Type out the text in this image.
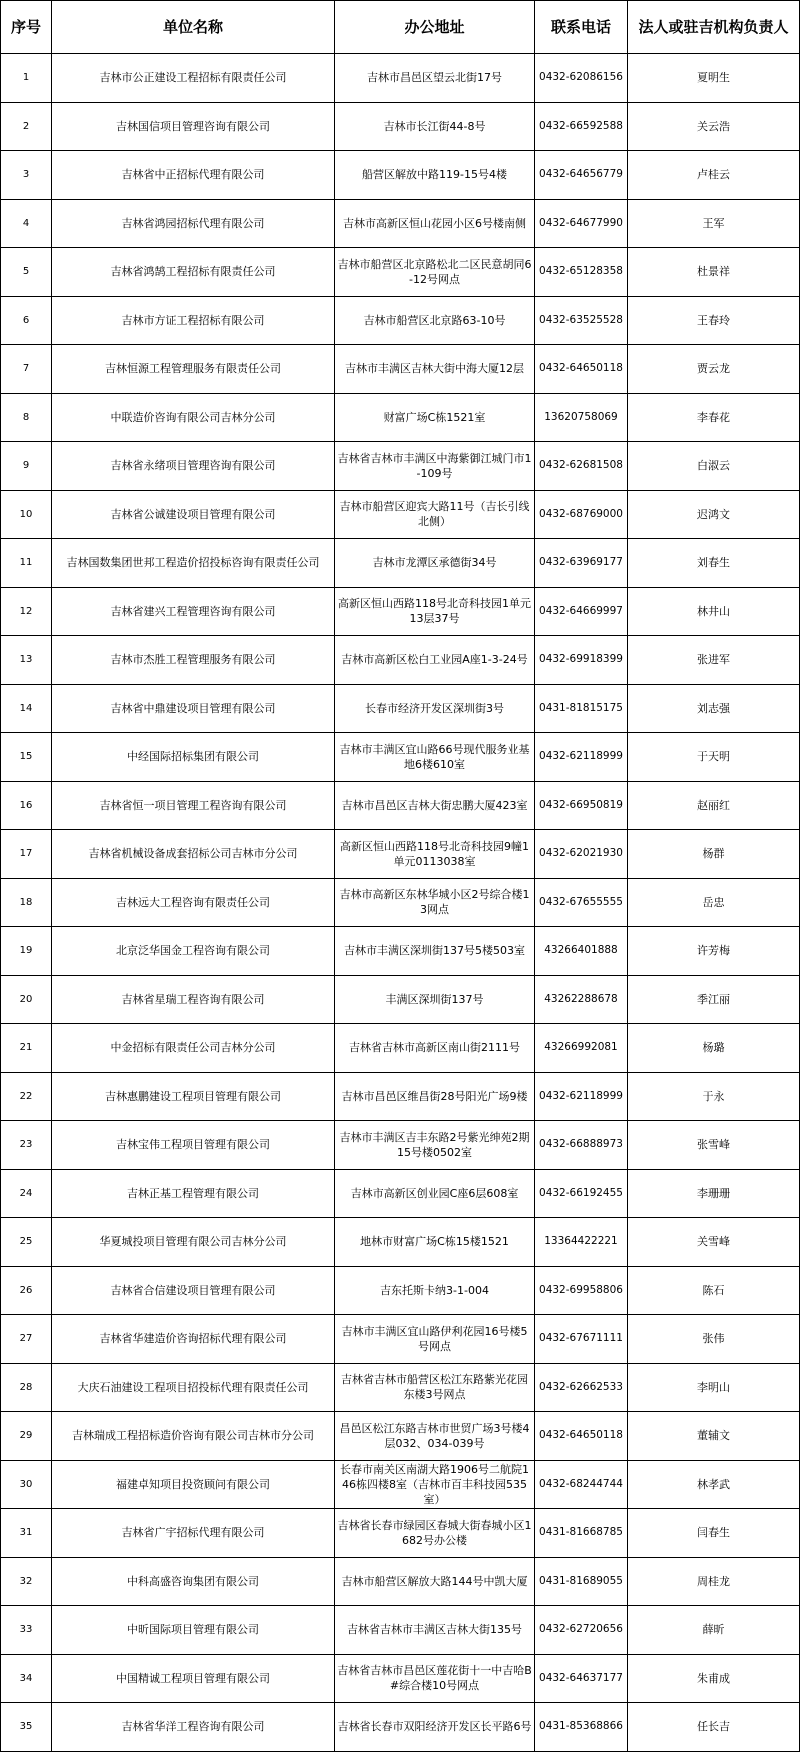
序号	单位名称	办公地址	联系电话	法人或驻吉机构负责人
1	吉林市公正建设工程招标有限责任公司	吉林市昌邑区望云北街17号	0432-62086156	夏明生
2	吉林国信项目管理咨询有限公司	吉林市长江街44-8号	0432-66592588	关云浩
3	吉林省中正招标代理有限公司	船营区解放中路119-15号4楼	0432-64656779	卢桂云
4	吉林省鸿园招标代理有限公司	吉林市高新区恒山花园小区6号楼南侧	0432-64677990	王军
5	吉林省鸿鹄工程招标有限责任公司	吉林市船营区北京路松北二区民意胡同6-12号网点	0432-65128358	杜景祥
6	吉林市方证工程招标有限公司	吉林市船营区北京路63-10号	0432-63525528	王春玲
7	吉林恒源工程管理服务有限责任公司	吉林市丰满区吉林大街中海大厦12层	0432-64650118	贾云龙
8	中联造价咨询有限公司吉林分公司	财富广场C栋1521室	13620758069	李春花
9	吉林省永绪项目管理咨询有限公司	吉林省吉林市丰满区中海紫御江城门市1-109号	0432-62681508	白淑云
10	吉林省公诚建设项目管理有限公司	吉林市船营区迎宾大路11号（吉长引线北侧）	0432-68769000	迟鸿文
11	吉林国数集团世邦工程造价招投标咨询有限责任公司	吉林市龙潭区承德街34号	0432-63969177	刘春生
12	吉林省建兴工程管理咨询有限公司	高新区恒山西路118号北奇科技园1单元13层37号	0432-64669997	林井山
13	吉林市杰胜工程管理服务有限公司	吉林市高新区松白工业园A座1-3-24号	0432-69918399	张进军
14	吉林省中鼎建设项目管理有限公司	长春市经济开发区深圳街3号	0431-81815175	刘志强
15	中经国际招标集团有限公司	吉林市丰满区宜山路66号现代服务业基地6楼610室	0432-62118999	于天明
16	吉林省恒一项目管理工程咨询有限公司	吉林市昌邑区吉林大街忠鹏大厦423室	0432-66950819	赵丽红
17	吉林省机械设备成套招标公司吉林市分公司	高新区恒山西路118号北奇科技园9幢1单元0113038室	0432-62021930	杨群
18	吉林远大工程咨询有限责任公司	吉林市高新区东林华城小区2号综合楼13网点	0432-67655555	岳忠
19	北京泛华国金工程咨询有限公司	吉林市丰满区深圳街137号5楼503室	43266401888	许芳梅
20	吉林省星瑞工程咨询有限公司	丰满区深圳街137号	43262288678	季江丽
21	中金招标有限责任公司吉林分公司	吉林省吉林市高新区南山街2111号	43266992081	杨璐
22	吉林惠鹏建设工程项目管理有限公司	吉林市昌邑区维昌街28号阳光广场9楼	0432-62118999	于永
23	吉林宝伟工程项目管理有限公司	吉林市丰满区吉丰东路2号紫光绅苑2期15号楼0502室	0432-66888973	张雪峰
24	吉林正基工程管理有限公司	吉林市高新区创业园C座6层608室	0432-66192455	李珊珊
25	华夏城投项目管理有限公司吉林分公司	地林市财富广场C栋15楼1521	13364422221	关雪峰
26	吉林省合信建设项目管理有限公司	吉东托斯卡纳3-1-004	0432-69958806	陈石
27	吉林省华建造价咨询招标代理有限公司	吉林市丰满区宜山路伊利花园16号楼5号网点	0432-67671111	张伟
28	大庆石油建设工程项目招投标代理有限责任公司	吉林省吉林市船营区松江东路紫光花园东楼3号网点	0432-62662533	李明山
29	吉林瑞成工程招标造价咨询有限公司吉林市分公司	昌邑区松江东路吉林市世贸广场3号楼4层032、034-039号	0432-64650118	董辅文
30	福建卓知项目投资顾问有限公司	长春市南关区南湖大路1906号二航院146栋四楼8室（吉林市百丰科技园535室）	0432-68244744	林孝武
31	吉林省广宇招标代理有限公司	吉林省长春市绿园区春城大街春城小区1682号办公楼	0431-81668785	闫春生
32	中科高盛咨询集团有限公司	吉林市船营区解放大路144号中凯大厦	0431-81689055	周桂龙
33	中昕国际项目管理有限公司	吉林省吉林市丰满区吉林大街135号	0432-62720656	薛昕
34	中国精诚工程项目管理有限公司	吉林省吉林市昌邑区莲花街十一中吉哈B#综合楼10号网点	0432-64637177	朱甫成
35	吉林省华洋工程咨询有限公司	吉林省长春市双阳经济开发区长平路6号	0431-85368866	任长吉
